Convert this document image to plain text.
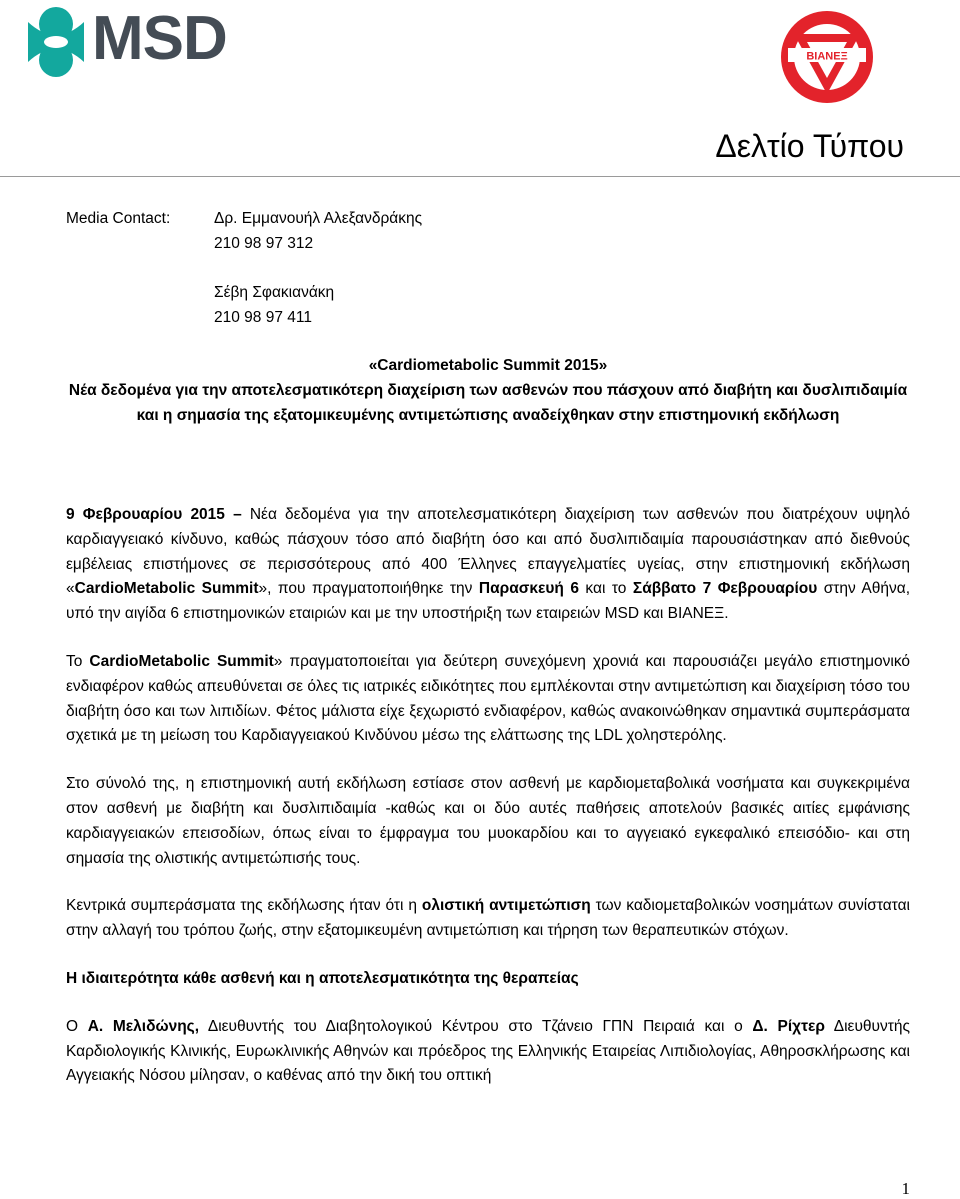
MSD	ΒΙΑΝΕΞ
Δελτίο Τύπου
Media Contact:	Δρ. Εμμανουήλ Αλεξανδράκης
210 98 97 312
Σέβη Σφακιανάκη
210 98 97 411
«Cardiometabolic Summit 2015»
Νέα δεδομένα για την αποτελεσματικότερη διαχείριση των ασθενών που πάσχουν από διαβήτη και δυσλιπιδαιμία και η σημασία της εξατομικευμένης αντιμετώπισης αναδείχθηκαν στην επιστημονική εκδήλωση

9 Φεβρουαρίου 2015 – Νέα δεδομένα για την αποτελεσματικότερη διαχείριση των ασθενών που διατρέχουν υψηλό καρδιαγγειακό κίνδυνο, καθώς πάσχουν τόσο από διαβήτη όσο και από δυσλιπιδαιμία παρουσιάστηκαν από διεθνούς εμβέλειας επιστήμονες σε περισσότερους από 400 Έλληνες επαγγελματίες υγείας, στην επιστημονική εκδήλωση «CardioMetabolic Summit», που πραγματοποιήθηκε την Παρασκευή 6 και το Σάββατο 7 Φεβρουαρίου στην Αθήνα, υπό την αιγίδα 6 επιστημονικών εταιριών και με την υποστήριξη των εταιρειών MSD και ΒΙΑΝΕΞ.

Το CardioMetabolic Summit» πραγματοποιείται για δεύτερη συνεχόμενη χρονιά και παρουσιάζει μεγάλο επιστημονικό ενδιαφέρον καθώς απευθύνεται σε όλες τις ιατρικές ειδικότητες που εμπλέκονται στην αντιμετώπιση και διαχείριση τόσο του διαβήτη όσο και των λιπιδίων. Φέτος μάλιστα είχε ξεχωριστό ενδιαφέρον, καθώς ανακοινώθηκαν σημαντικά συμπεράσματα σχετικά με τη μείωση του Καρδιαγγειακού Κινδύνου μέσω της ελάττωσης της LDL χοληστερόλης.

Στο σύνολό της, η επιστημονική αυτή εκδήλωση εστίασε στον ασθενή με καρδιομεταβολικά νοσήματα και συγκεκριμένα στον ασθενή με διαβήτη και δυσλιπιδαιμία -καθώς και οι δύο αυτές παθήσεις αποτελούν βασικές αιτίες εμφάνισης καρδιαγγειακών επεισοδίων, όπως είναι το έμφραγμα του μυοκαρδίου και το αγγειακό εγκεφαλικό επεισόδιο- και στη σημασία της ολιστικής αντιμετώπισής τους.

Κεντρικά συμπεράσματα της εκδήλωσης ήταν ότι η ολιστική αντιμετώπιση των καδιομεταβολικών νοσημάτων συνίσταται στην αλλαγή του τρόπου ζωής, στην εξατομικευμένη αντιμετώπιση και τήρηση των θεραπευτικών στόχων.

Η ιδιαιτερότητα κάθε ασθενή και η αποτελεσματικότητα της θεραπείας

Ο Α. Μελιδώνης, Διευθυντής του Διαβητολογικού Κέντρου στο Τζάνειο ΓΠΝ Πειραιά και ο Δ. Ρίχτερ Διευθυντής Καρδιολογικής Κλινικής, Ευρωκλινικής Αθηνών και πρόεδρος της Ελληνικής Εταιρείας Λιπιδιολογίας, Αθηροσκλήρωσης και Αγγειακής Νόσου μίλησαν, ο καθένας από την δική του οπτική

1
